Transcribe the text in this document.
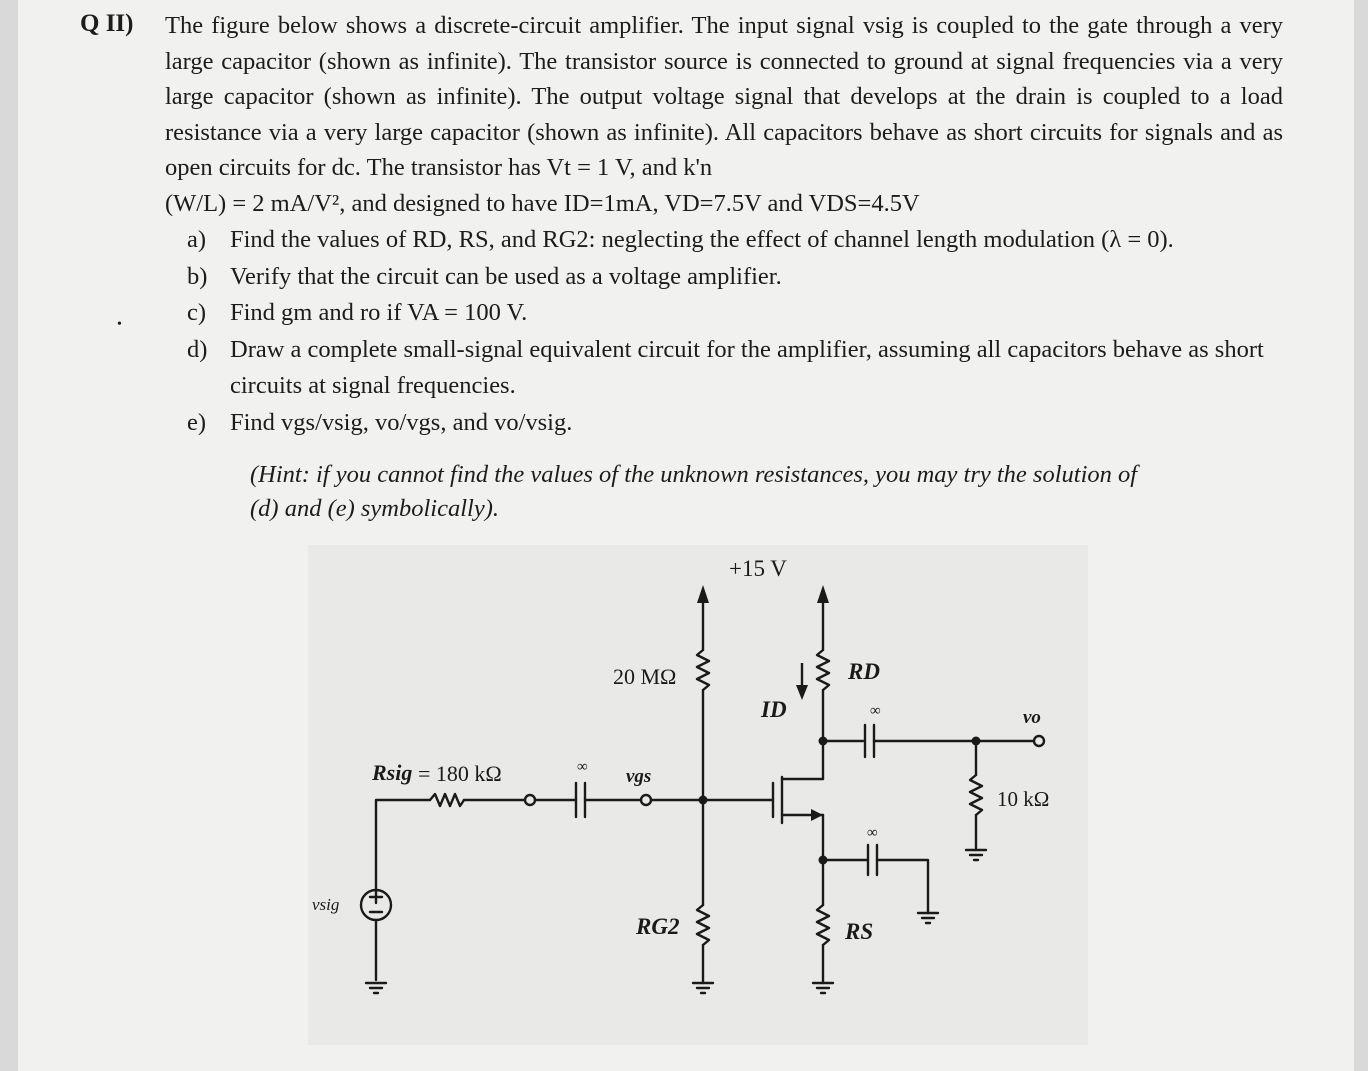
Q II)
•
The figure below shows a discrete-circuit amplifier. The input signal vsig is coupled to the gate through a very large capacitor (shown as infinite). The transistor source is connected to ground at signal frequencies via a very large capacitor (shown as infinite). The output voltage signal that develops at the drain is coupled to a load resistance via a very large capacitor (shown as infinite). All capacitors behave as short circuits for signals and as open circuits for dc. The transistor has Vt = 1 V, and k'n
(W/L) = 2 mA/V², and designed to have ID=1mA, VD=7.5V and VDS=4.5V
a) Find the values of RD, RS, and RG2: neglecting the effect of channel length modulation (λ = 0).
b) Verify that the circuit can be used as a voltage amplifier.
c) Find gm and ro if VA = 100 V.
d) Draw a complete small-signal equivalent circuit for the amplifier, assuming all capacitors behave as short circuits at signal frequencies.
e) Find vgs/vsig, vo/vgs, and vo/vsig.
(Hint: if you cannot find the values of the unknown resistances, you may try the solution of (d) and (e) symbolically).
+15 V
20 MΩ	RD
ID	∞	vo
Rsig = 180 kΩ	∞ vgs
10 kΩ
∞
vsig
RG2	RS
